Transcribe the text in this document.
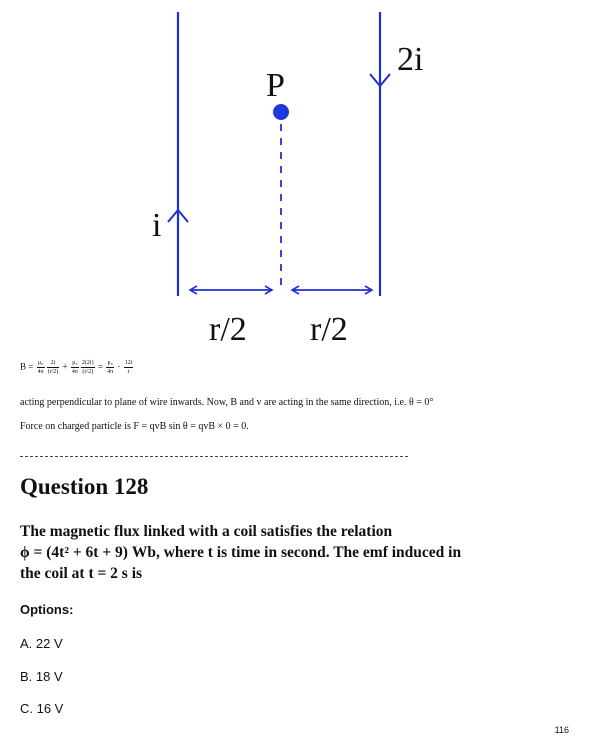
2i
P
i
r/2 r/2
$B = \frac{\text{μ₀}}{4\pi} \frac{2i}{(r/2)} + \frac{\text{μ₀}}{4\pi} \frac{2(2i)}{(r/2)} = \frac{\text{μ₀}}{4\pi} \cdot \frac{12i}{r}$
acting perpendicular to plane of wire inwards. Now, B and v are acting in the same direction, i.e. θ = 0°
Force on charged particle is F = qvB sin θ = qvB × 0 = 0.
Question 128
The magnetic flux linked with a coil satisfies the relation
ϕ = (4t² + 6t + 9) Wb, where t is time in second. The emf induced in
the coil at t = 2 s is
Options:
A. 22 V
B. 18 V
C. 16 V
116
